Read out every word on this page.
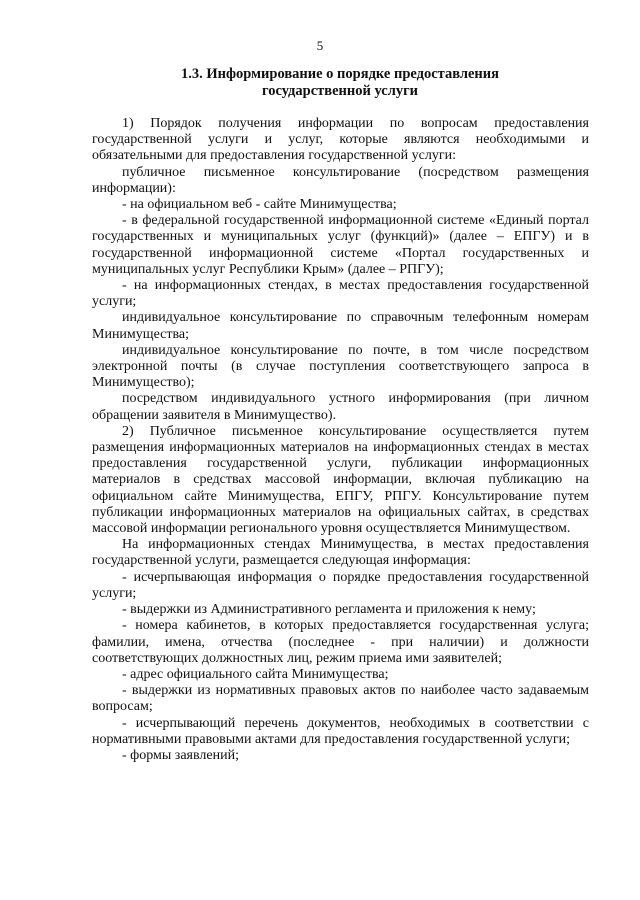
5
1.3. Информирование о порядке предоставления
государственной услуги

1) Порядок получения информации по вопросам предоставления государственной услуги и услуг, которые являются необходимыми и обязательными для предоставления государственной услуги:

публичное письменное консультирование (посредством размещения информации):

- на официальном веб - сайте Минимущества;

- в федеральной государственной информационной системе «Единый портал государственных и муниципальных услуг (функций)» (далее – ЕПГУ) и в государственной информационной системе «Портал государственных и муниципальных услуг Республики Крым» (далее – РПГУ);

- на информационных стендах, в местах предоставления государственной услуги;

индивидуальное консультирование по справочным телефонным номерам Минимущества;

индивидуальное консультирование по почте, в том числе посредством электронной почты (в случае поступления соответствующего запроса в Минимущество);

посредством индивидуального устного информирования (при личном обращении заявителя в Минимущество).

2) Публичное письменное консультирование осуществляется путем размещения информационных материалов на информационных стендах в местах предоставления государственной услуги, публикации информационных материалов в средствах массовой информации, включая публикацию на официальном сайте Минимущества, ЕПГУ, РПГУ. Консультирование путем публикации информационных материалов на официальных сайтах, в средствах массовой информации регионального уровня осуществляется Минимуществом.

На информационных стендах Минимущества, в местах предоставления государственной услуги, размещается следующая информация:

- исчерпывающая информация о порядке предоставления государственной услуги;

- выдержки из Административного регламента и приложения к нему;

- номера кабинетов, в которых предоставляется государственная услуга; фамилии, имена, отчества (последнее - при наличии) и должности соответствующих должностных лиц, режим приема ими заявителей;

- адрес официального сайта Минимущества;

- выдержки из нормативных правовых актов по наиболее часто задаваемым вопросам;

- исчерпывающий перечень документов, необходимых в соответствии с нормативными правовыми актами для предоставления государственной услуги;

- формы заявлений;
